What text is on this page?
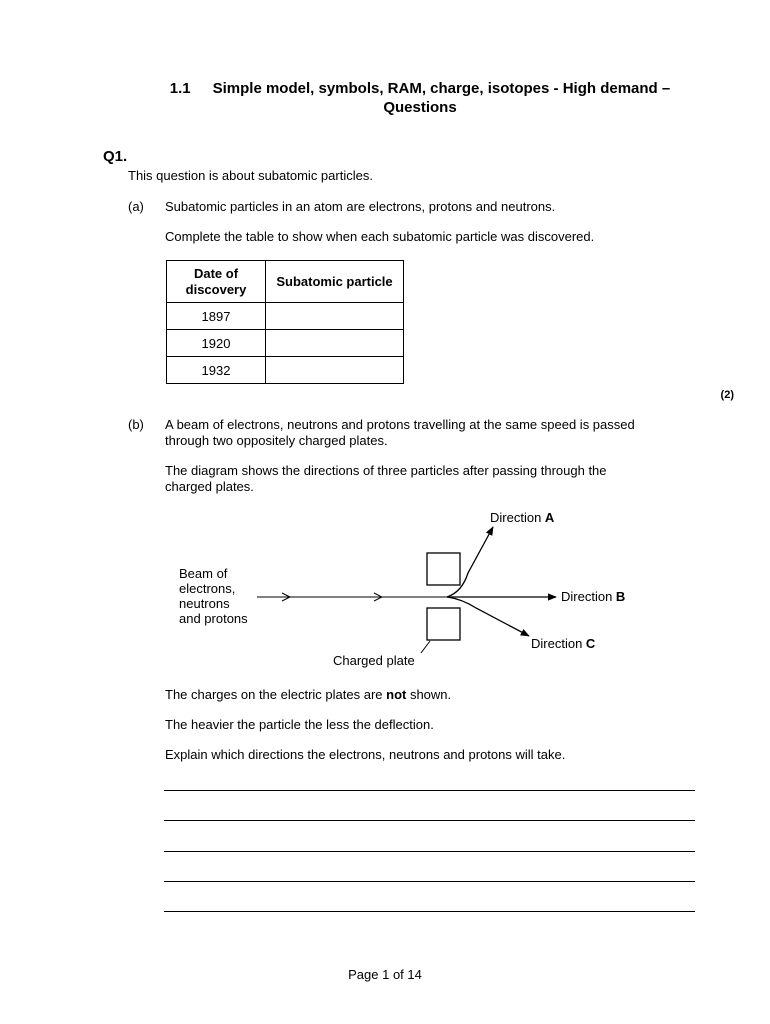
1.1 Simple model, symbols, RAM, charge, isotopes - High demand –
Questions
Q1.
This question is about subatomic particles.
(a) Subatomic particles in an atom are electrons, protons and neutrons.
Complete the table to show when each subatomic particle was discovered.
Date of discovery	Subatomic particle
1897	
1920	
1932	
(2)
(b) A beam of electrons, neutrons and protons travelling at the same speed is passed
through two oppositely charged plates.
The diagram shows the directions of three particles after passing through the
charged plates.
Beam of
electrons,
neutrons
and protons
Direction A
Direction B
Direction C
Charged plate
The charges on the electric plates are not shown.
The heavier the particle the less the deflection.
Explain which directions the electrons, neutrons and protons will take.
Page 1 of 14
